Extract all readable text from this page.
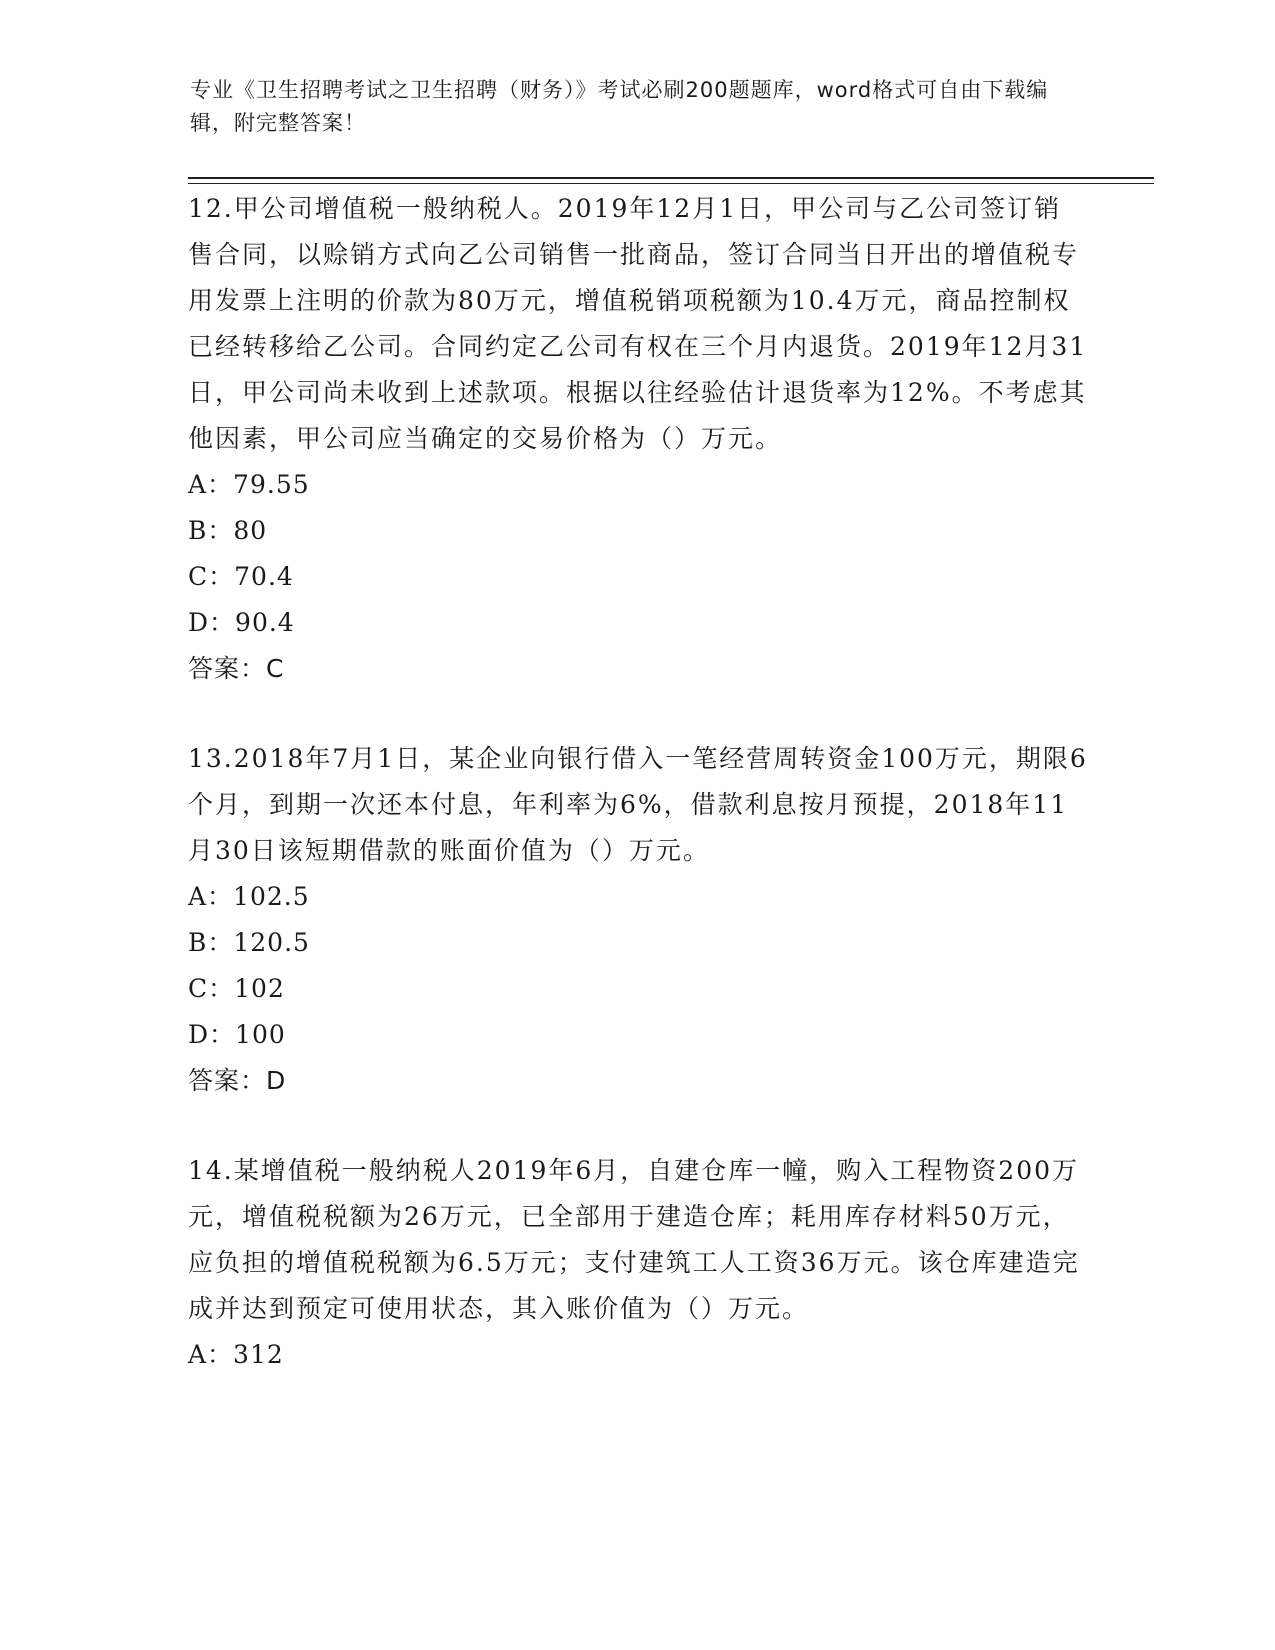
专业《卫生招聘考试之卫生招聘（财务）》考试必刷200题题库，word格式可自由下载编辑，附完整答案！

12.甲公司增值税一般纳税人。2019年12月1日，甲公司与乙公司签订销售合同，以赊销方式向乙公司销售一批商品，签订合同当日开出的增值税专用发票上注明的价款为80万元，增值税销项税额为10.4万元，商品控制权已经转移给乙公司。合同约定乙公司有权在三个月内退货。2019年12月31日，甲公司尚未收到上述款项。根据以往经验估计退货率为12%。不考虑其他因素，甲公司应当确定的交易价格为（）万元。

A：79.55

B：80

C：70.4

D：90.4

答案：C

13.2018年7月1日，某企业向银行借入一笔经营周转资金100万元，期限6个月，到期一次还本付息，年利率为6%，借款利息按月预提，2018年11月30日该短期借款的账面价值为（）万元。

A：102.5

B：120.5

C：102

D：100

答案：D

14.某增值税一般纳税人2019年6月，自建仓库一幢，购入工程物资200万元，增值税税额为26万元，已全部用于建造仓库；耗用库存材料50万元，应负担的增值税税额为6.5万元；支付建筑工人工资36万元。该仓库建造完成并达到预定可使用状态，其入账价值为（）万元。

A：312
